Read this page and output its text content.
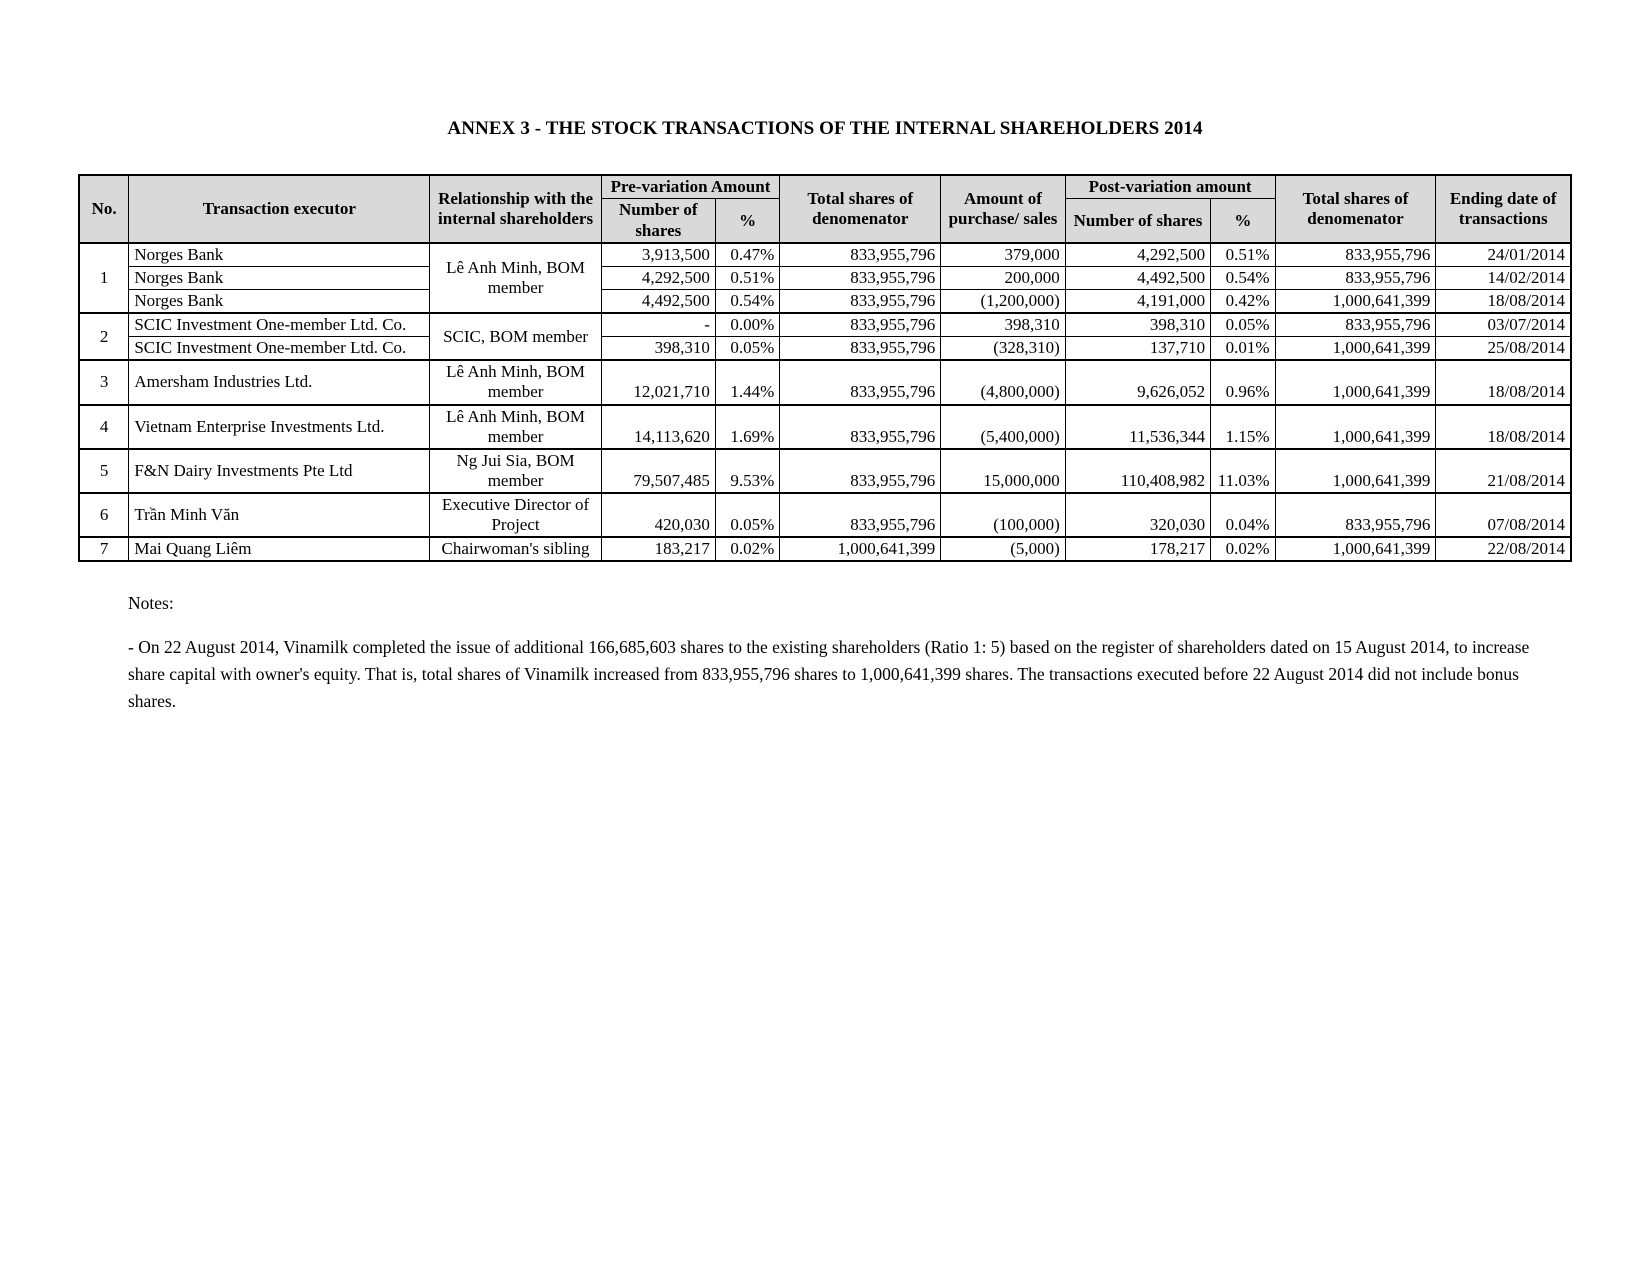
ANNEX 3 - THE STOCK TRANSACTIONS OF THE INTERNAL SHAREHOLDERS 2014
No.	Transaction executor	Relationship with the internal shareholders	Pre-variation Amount		Total shares of denomenator	Amount of purchase/ sales	Post-variation amount		Total shares of denomenator	Ending date of transactions
			Number of shares	%			Number of shares	%		
1	Norges Bank	Lê Anh Minh, BOM member	3,913,500	0.47%	833,955,796	379,000	4,292,500	0.51%	833,955,796	24/01/2014
	Norges Bank		4,292,500	0.51%	833,955,796	200,000	4,492,500	0.54%	833,955,796	14/02/2014
	Norges Bank		4,492,500	0.54%	833,955,796	(1,200,000)	4,191,000	0.42%	1,000,641,399	18/08/2014
2	SCIC Investment One-member Ltd. Co.	SCIC, BOM member	-	0.00%	833,955,796	398,310	398,310	0.05%	833,955,796	03/07/2014
	SCIC Investment One-member Ltd. Co.		398,310	0.05%	833,955,796	(328,310)	137,710	0.01%	1,000,641,399	25/08/2014
3	Amersham Industries Ltd.	Lê Anh Minh, BOM member	12,021,710	1.44%	833,955,796	(4,800,000)	9,626,052	0.96%	1,000,641,399	18/08/2014
4	Vietnam Enterprise Investments Ltd.	Lê Anh Minh, BOM member	14,113,620	1.69%	833,955,796	(5,400,000)	11,536,344	1.15%	1,000,641,399	18/08/2014
5	F&N Dairy Investments Pte Ltd	Ng Jui Sia, BOM member	79,507,485	9.53%	833,955,796	15,000,000	110,408,982	11.03%	1,000,641,399	21/08/2014
6	Trần Minh Văn	Executive Director of Project	420,030	0.05%	833,955,796	(100,000)	320,030	0.04%	833,955,796	07/08/2014
7	Mai Quang Liêm	Chairwoman's sibling	183,217	0.02%	1,000,641,399	(5,000)	178,217	0.02%	1,000,641,399	22/08/2014

Notes:

- On 22 August 2014, Vinamilk completed the issue of additional 166,685,603 shares to the existing shareholders (Ratio 1: 5) based on the register of shareholders dated on 15 August 2014, to increase share capital with owner's equity. That is, total shares of Vinamilk increased from 833,955,796 shares to 1,000,641,399 shares. The transactions executed before 22 August 2014 did not include bonus shares.
